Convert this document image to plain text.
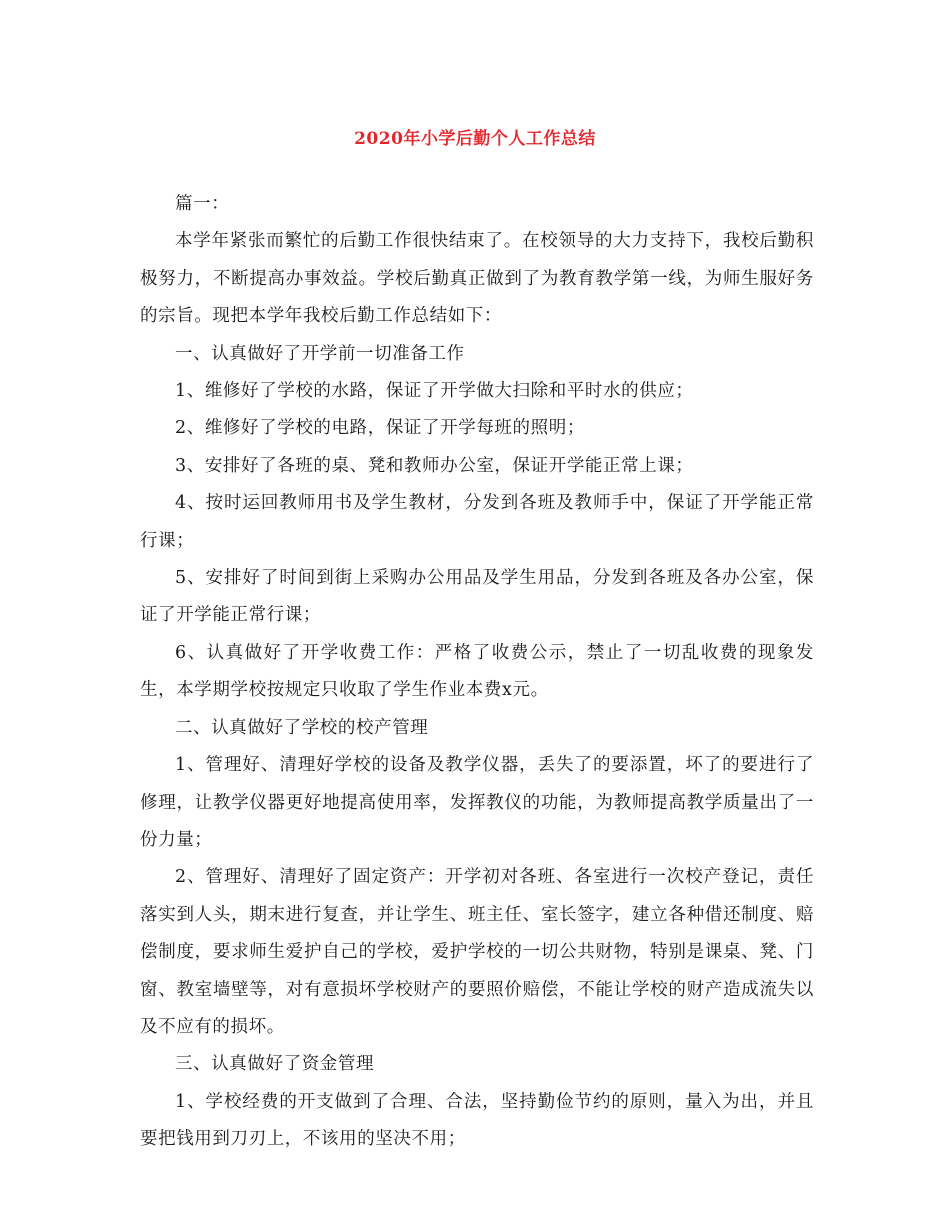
2020年小学后勤个人工作总结

篇一：

本学年紧张而繁忙的后勤工作很快结束了。在校领导的大力支持下，我校后勤积极努力，不断提高办事效益。学校后勤真正做到了为教育教学第一线，为师生服好务的宗旨。现把本学年我校后勤工作总结如下：

一、认真做好了开学前一切准备工作

1、维修好了学校的水路，保证了开学做大扫除和平时水的供应；

2、维修好了学校的电路，保证了开学每班的照明；

3、安排好了各班的桌、凳和教师办公室，保证开学能正常上课；

4、按时运回教师用书及学生教材，分发到各班及教师手中，保证了开学能正常行课；

5、安排好了时间到街上采购办公用品及学生用品，分发到各班及各办公室，保证了开学能正常行课；

6、认真做好了开学收费工作：严格了收费公示，禁止了一切乱收费的现象发生，本学期学校按规定只收取了学生作业本费x元。

二、认真做好了学校的校产管理

1、管理好、清理好学校的设备及教学仪器，丢失了的要添置，坏了的要进行了修理，让教学仪器更好地提高使用率，发挥教仪的功能，为教师提高教学质量出了一份力量；

2、管理好、清理好了固定资产：开学初对各班、各室进行一次校产登记，责任落实到人头，期末进行复查，并让学生、班主任、室长签字，建立各种借还制度、赔偿制度，要求师生爱护自己的学校，爱护学校的一切公共财物，特别是课桌、凳、门窗、教室墙壁等，对有意损坏学校财产的要照价赔偿，不能让学校的财产造成流失以及不应有的损坏。

三、认真做好了资金管理

1、学校经费的开支做到了合理、合法，坚持勤俭节约的原则，量入为出，并且要把钱用到刀刃上，不该用的坚决不用；
